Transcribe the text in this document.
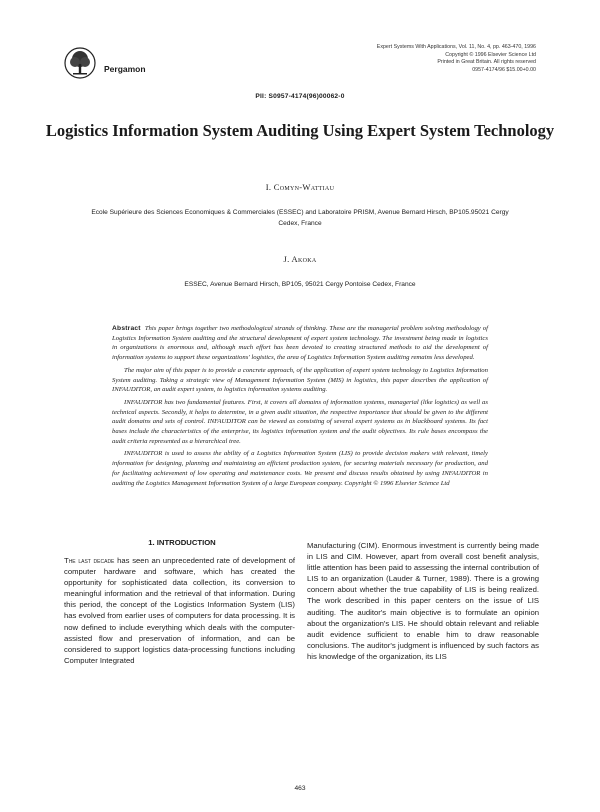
Pergamon
Expert Systems With Applications, Vol. 11, No. 4, pp. 463-470, 1996
Copyright © 1996 Elsevier Science Ltd
Printed in Great Britain. All rights reserved
0957-4174/96 $15.00+0.00
PII: S0957-4174(96)00062-0
Logistics Information System Auditing Using Expert System Technology
I. Comyn-Wattiau
Ecole Supérieure des Sciences Economiques & Commerciales (ESSEC) and Laboratoire PRISM, Avenue Bernard Hirsch, BP105.95021 Cergy Cedex, France
J. Akoka
ESSEC, Avenue Bernard Hirsch, BP105, 95021 Cergy Pontoise Cedex, France

Abstract This paper brings together two methodological strands of thinking. These are the managerial problem solving methodology of Logistics Information System auditing and the structural development of expert system technology. The investment being made in logistics in organizations is enormous and, although much effort has been devoted to creating structured methods to aid the development of information systems to support these organizations' logistics, the area of Logistics Information System auditing remains less developed.

The major aim of this paper is to provide a concrete approach, of the application of expert system technology to Logistics Information System auditing. Taking a strategic view of Management Information System (MIS) in logistics, this paper describes the application of INFAUDITOR, an audit expert system, to logistics information systems auditing.

INFAUDITOR has two fundamental features. First, it covers all domains of information systems, managerial (like logistics) as well as technical aspects. Secondly, it helps to determine, in a given audit situation, the respective importance that should be given to the different audit domains and sets of control. INFAUDITOR can be viewed as consisting of several expert systems as in blackboard systems. Its fact bases include the characteristics of the enterprise, its logistics information system and the audit objectives. Its rule bases encompass the audit criteria represented as a hierarchical tree.

INFAUDITOR is used to assess the ability of a Logistics Information System (LIS) to provide decision makers with relevant, timely information for designing, planning and maintaining an efficient production system, for securing materials necessary for production, and for facilitating achievement of low operating and maintenance costs. We present and discuss results obtained by using INFAUDITOR in auditing the Logistics Management Information System of a large European company. Copyright © 1996 Elsevier Science Ltd

1. INTRODUCTION

The last decade has seen an unprecedented rate of development of computer hardware and software, which has created the opportunity for sophisticated data collection, its conversion to meaningful information and the retrieval of that information. During this period, the concept of the Logistics Information System (LIS) has evolved from earlier uses of computers for data processing. It is now defined to include everything which deals with the computer-assisted flow and preservation of information, and can be considered to support logistics data-processing functions including Computer Integrated

Manufacturing (CIM). Enormous investment is currently being made in LIS and CIM. However, apart from overall cost benefit analysis, little attention has been paid to assessing the internal contribution of LIS to an organization (Lauder & Turner, 1989). There is a growing concern about whether the true capability of LIS is being realized. The work described in this paper centers on the issue of LIS auditing. The auditor's main objective is to formulate an opinion about the organization's LIS. He should obtain relevant and reliable audit evidence sufficient to enable him to draw reasonable conclusions. The auditor's judgment is influenced by such factors as his knowledge of the organization, its LIS

463
